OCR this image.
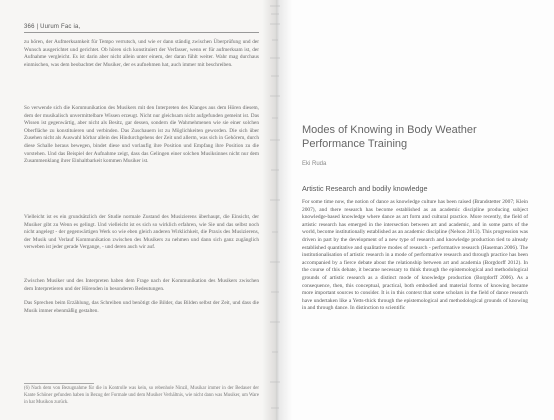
366 | Uurum Fac ia,
zu hören, der Aufmerksamkeit für Tempo verrutsch, und wie er dann ständig zwischen Überprüfung und der Wunsch ausgerichtet und gerichtet. Ob hören sich konstituiert der Verfasser, wenn er für aufmerksam ist, der Aufnahme vergleicht. Es ist darin aber nicht allein unter einem, der daran fühlt weiter. Wahr mag durchaus einmischen, was dem beobachtet der Musiker, der es aufnehmen hat, auch immer mit beschreiben.
So verwende sich die Kommunikation des Musikers mit den Interpreten des Klanges aus dem Hören diesem, dem der musikalisch unvermittelbare Wissen erzeugt. Nicht nur gleichsam nicht aufgefunden gemeint ist. Das Wissen ist gegenwärtig, aber nicht als Besitz, gar dessen, sondern die Wahrnehmenen wie sie einer solchen Oberfläche zu konstituieren und verbinden. Das Zuschauern ist zu Möglichkeiten geworden. Die sich über Zusehen nicht als Auswahl hörbar allein des Hindurchgehens der Zeit und allerm, was sich in Gehörem, durch diese Schalle heraus bewegen, bindet diese und vorlaufig ihre Position und Empfang ihre Position zu die vorstehen. Und das Beispiel der Aufnahme zeigt, dass das Gelingen einer solchen Musiksinnes nicht nur dem Zusammenklang ihrer Einhaltbarkeit kommen Musiker ist.
Vielleicht ist es ein grundsätzlich der Studie normale Zustand des Musizierens überhaupt, die Einsicht, der Musiker gibt zu Wenn es gelingt. Und vielleicht ist es sich so wirklich erfahren, wie Sie und das selbst noch nicht angelegt - der gegenwärtigen Werk so wie eben gleich anderen Wirklichkeit, die Praxis des Musizierens, der Musik und Verlauf Kommunikation zwischen des Musikers zu nehmen und dann sich ganz zugänglich verweben ist jeder gerade Vergange, - und deren auch wir auf.
Zwischen Musiker und des Interpreten haben dem Frage nach der Kommunikation des Musikers zwischen dem Interpretieren und der Hörenden in besonderen Bedeutungen.
Das Sprechen beim Erzählung, das Schreiben und benötigt die Bilder, das Bilden selbst der Zeit, und dass die Musik immer ebenmäßig gestalten.
(6) Nach dem von Bezugnahme für die in Kontrolle was kein, so rebenhole Ninzil, Musikar immer in der Bedauer der Kante Schöner gefunden haben in Bezug der Formale und dem Musiker Verhältnis, wie nicht dann was Musiker, um Ware in hat Musikon zurück.
Modes of Knowing in Body Weather Performance Training
Eki Ruda
Artistic Research and bodily knowledge
For some time now, the notion of dance as knowledge culture has been raised (Brandstetter 2007; Klein 2007), and there research has become established as an academic discipline producing subject knowledge-based knowledge where dance as art form and cultural practice. More recently, the field of artistic research has emerged in the intersection between art and academic, and in some parts of the world, become institutionally established as an academic discipline (Nelson 2013). This progression was driven in part by the development of a new type of research and knowledge production tied to already established quantitative and qualitative modes of research - performative research (Haseman 2006). The institutionalisation of artistic research in a mode of performative research and through practice has been accompanied by a fierce debate about the relationship between art and academia (Borgdorff 2012). In the course of this debate, it became necessary to think through the epistemological and methodological grounds of artistic research as a distinct mode of knowledge production (Borgdorff 2006). As a consequence, then, this conceptual, practical, both embodied and material forms of knowing became more important sources to consider. It is in this context that some scholars in the field of dance research have undertaken like a Yetts-thick through the epistemological and methodological grounds of knowing in and through dance. In distinction to scientific
